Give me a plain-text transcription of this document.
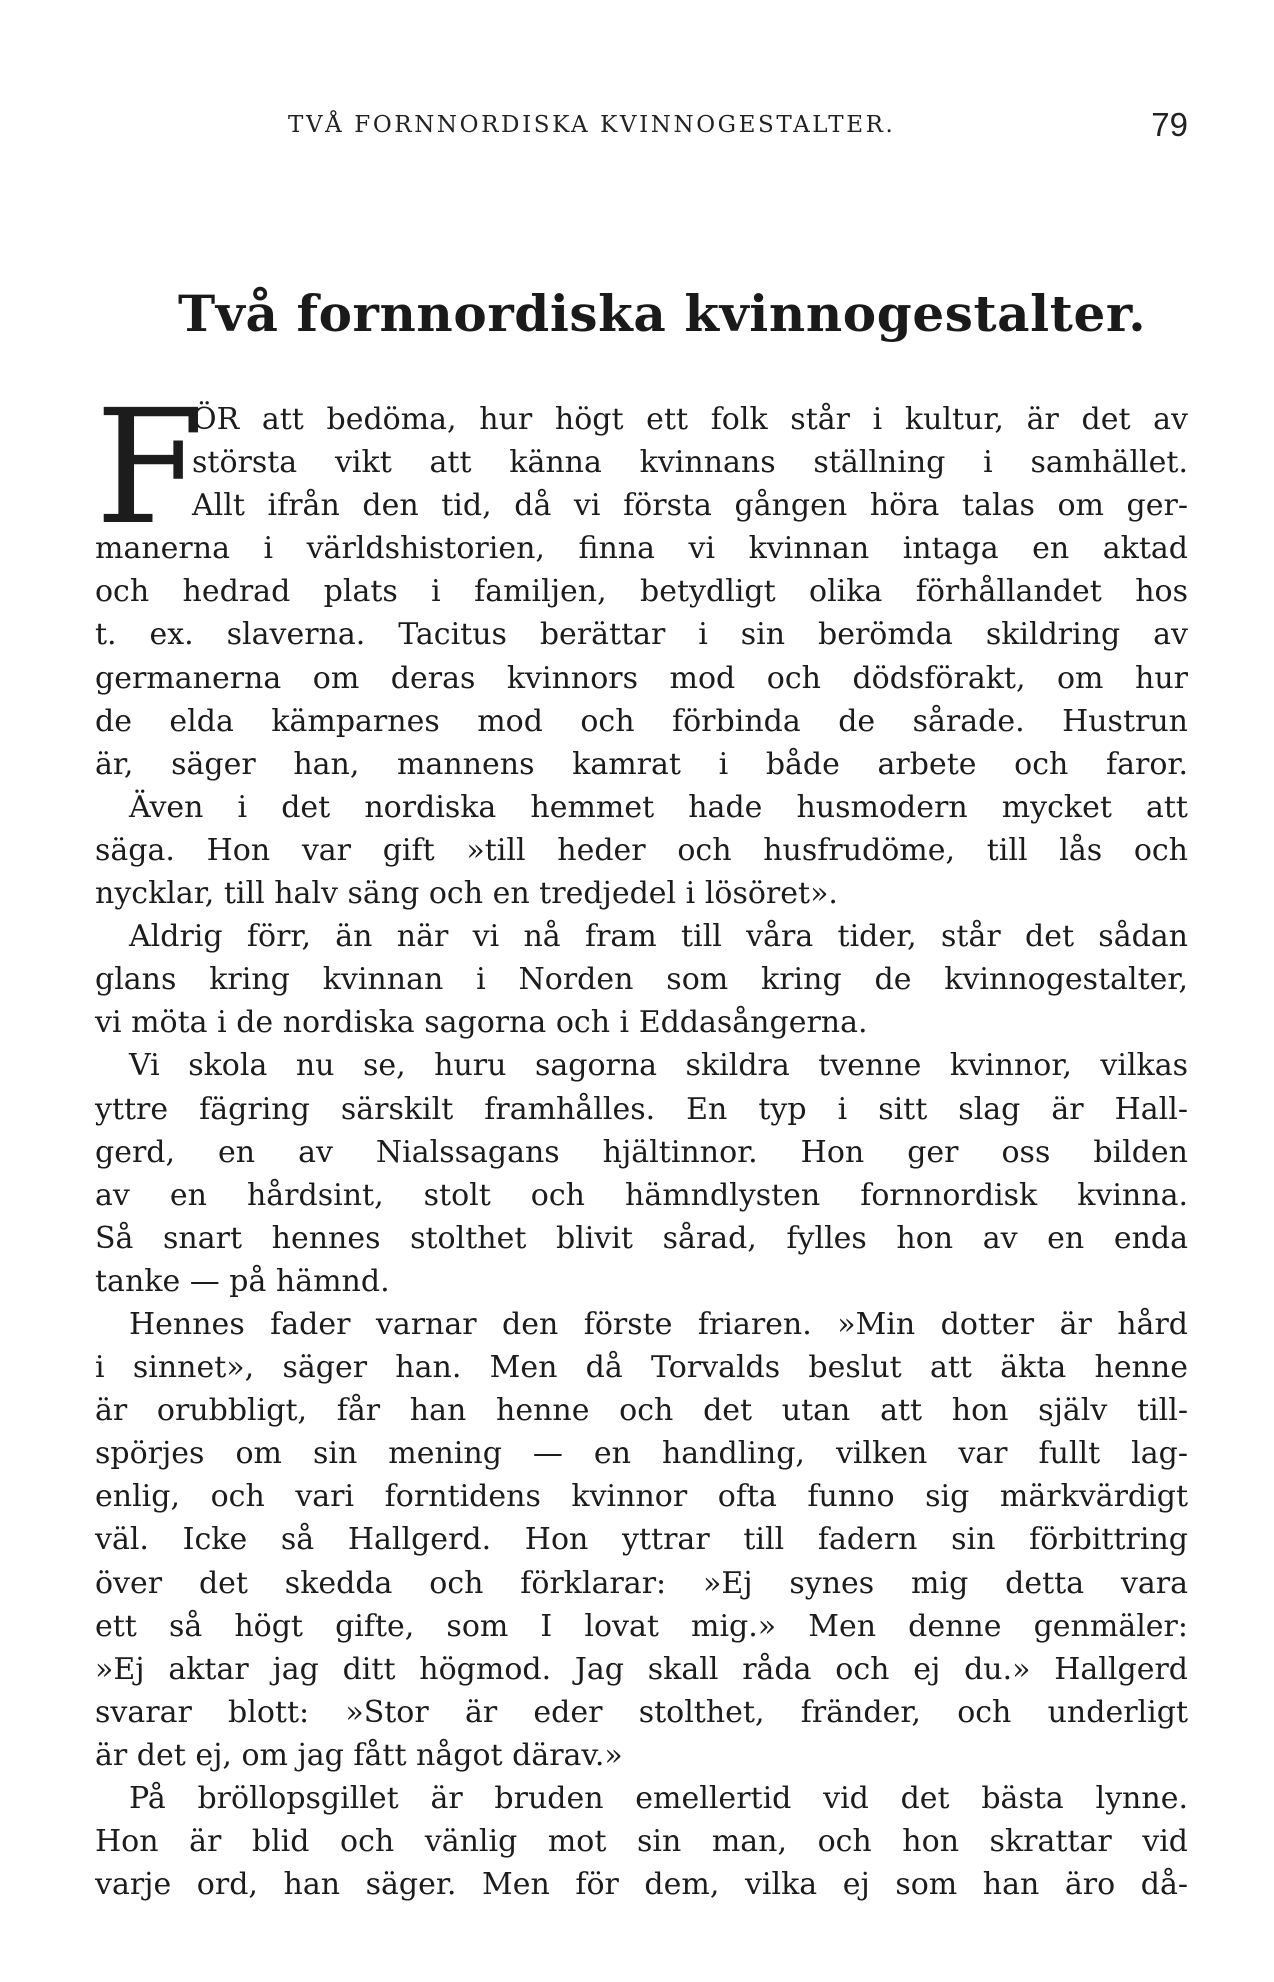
TVÅ FORNNORDISKA KVINNOGESTALTER.	79
Två fornnordiska kvinnogestalter.
F
ÖR att bedöma, hur högt ett folk står i kultur, är det av
största vikt att känna kvinnans ställning i samhället.
Allt ifrån den tid, då vi första gången höra talas om ger-
manerna i världshistorien, finna vi kvinnan intaga en aktad
och hedrad plats i familjen, betydligt olika förhållandet hos
t. ex. slaverna. Tacitus berättar i sin berömda skildring av
germanerna om deras kvinnors mod och dödsförakt, om hur
de elda kämparnes mod och förbinda de sårade. Hustrun
är, säger han, mannens kamrat i både arbete och faror.
Även i det nordiska hemmet hade husmodern mycket att
säga. Hon var gift »till heder och husfrudöme, till lås och
nycklar, till halv säng och en tredjedel i lösöret».
Aldrig förr, än när vi nå fram till våra tider, står det sådan
glans kring kvinnan i Norden som kring de kvinnogestalter,
vi möta i de nordiska sagorna och i Eddasångerna.
Vi skola nu se, huru sagorna skildra tvenne kvinnor, vilkas
yttre fägring särskilt framhålles. En typ i sitt slag är Hall-
gerd, en av Nialssagans hjältinnor. Hon ger oss bilden
av en hårdsint, stolt och hämndlysten fornnordisk kvinna.
Så snart hennes stolthet blivit sårad, fylles hon av en enda
tanke — på hämnd.
Hennes fader varnar den förste friaren. »Min dotter är hård
i sinnet», säger han. Men då Torvalds beslut att äkta henne
är orubbligt, får han henne och det utan att hon själv till-
spörjes om sin mening — en handling, vilken var fullt lag-
enlig, och vari forntidens kvinnor ofta funno sig märkvärdigt
väl. Icke så Hallgerd. Hon yttrar till fadern sin förbittring
över det skedda och förklarar: »Ej synes mig detta vara
ett så högt gifte, som I lovat mig.» Men denne genmäler:
»Ej aktar jag ditt högmod. Jag skall råda och ej du.» Hallgerd
svarar blott: »Stor är eder stolthet, fränder, och underligt
är det ej, om jag fått något därav.»
På bröllopsgillet är bruden emellertid vid det bästa lynne.
Hon är blid och vänlig mot sin man, och hon skrattar vid
varje ord, han säger. Men för dem, vilka ej som han äro då-
